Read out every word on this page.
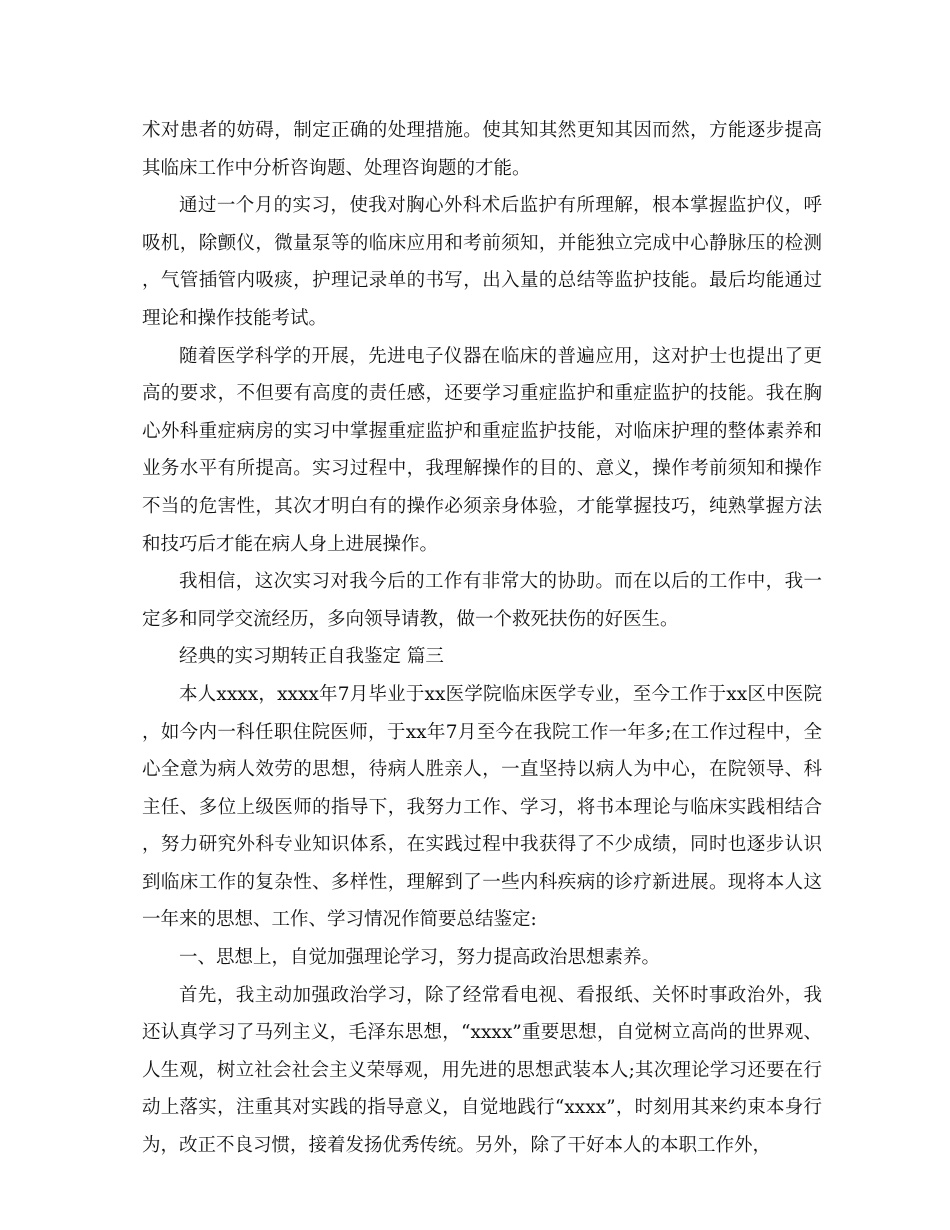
术对患者的妨碍，制定正确的处理措施。使其知其然更知其因而然，方能逐步提高其临床工作中分析咨询题、处理咨询题的才能。

通过一个月的实习，使我对胸心外科术后监护有所理解，根本掌握监护仪，呼吸机，除颤仪，微量泵等的临床应用和考前须知，并能独立完成中心静脉压的检测，气管插管内吸痰，护理记录单的书写，出入量的总结等监护技能。最后均能通过理论和操作技能考试。

随着医学科学的开展，先进电子仪器在临床的普遍应用，这对护士也提出了更高的要求，不但要有高度的责任感，还要学习重症监护和重症监护的技能。我在胸心外科重症病房的实习中掌握重症监护和重症监护技能，对临床护理的整体素养和业务水平有所提高。实习过程中，我理解操作的目的、意义，操作考前须知和操作不当的危害性，其次才明白有的操作必须亲身体验，才能掌握技巧，纯熟掌握方法和技巧后才能在病人身上进展操作。

我相信，这次实习对我今后的工作有非常大的协助。而在以后的工作中，我一定多和同学交流经历，多向领导请教，做一个救死扶伤的好医生。

经典的实习期转正自我鉴定 篇三

本人xxxx，xxxx年7月毕业于xx医学院临床医学专业，至今工作于xx区中医院，如今内一科任职住院医师，于xx年7月至今在我院工作一年多;在工作过程中，全心全意为病人效劳的思想，待病人胜亲人，一直坚持以病人为中心，在院领导、科主任、多位上级医师的指导下，我努力工作、学习，将书本理论与临床实践相结合，努力研究外科专业知识体系，在实践过程中我获得了不少成绩，同时也逐步认识到临床工作的复杂性、多样性，理解到了一些内科疾病的诊疗新进展。现将本人这一年来的思想、工作、学习情况作简要总结鉴定:

一、思想上，自觉加强理论学习，努力提高政治思想素养。

首先，我主动加强政治学习，除了经常看电视、看报纸、关怀时事政治外，我还认真学习了马列主义，毛泽东思想，“xxxx”重要思想，自觉树立高尚的世界观、人生观，树立社会社会主义荣辱观，用先进的思想武装本人;其次理论学习还要在行动上落实，注重其对实践的指导意义，自觉地践行“xxxx”，时刻用其来约束本身行为，改正不良习惯，接着发扬优秀传统。另外，除了干好本人的本职工作外，
